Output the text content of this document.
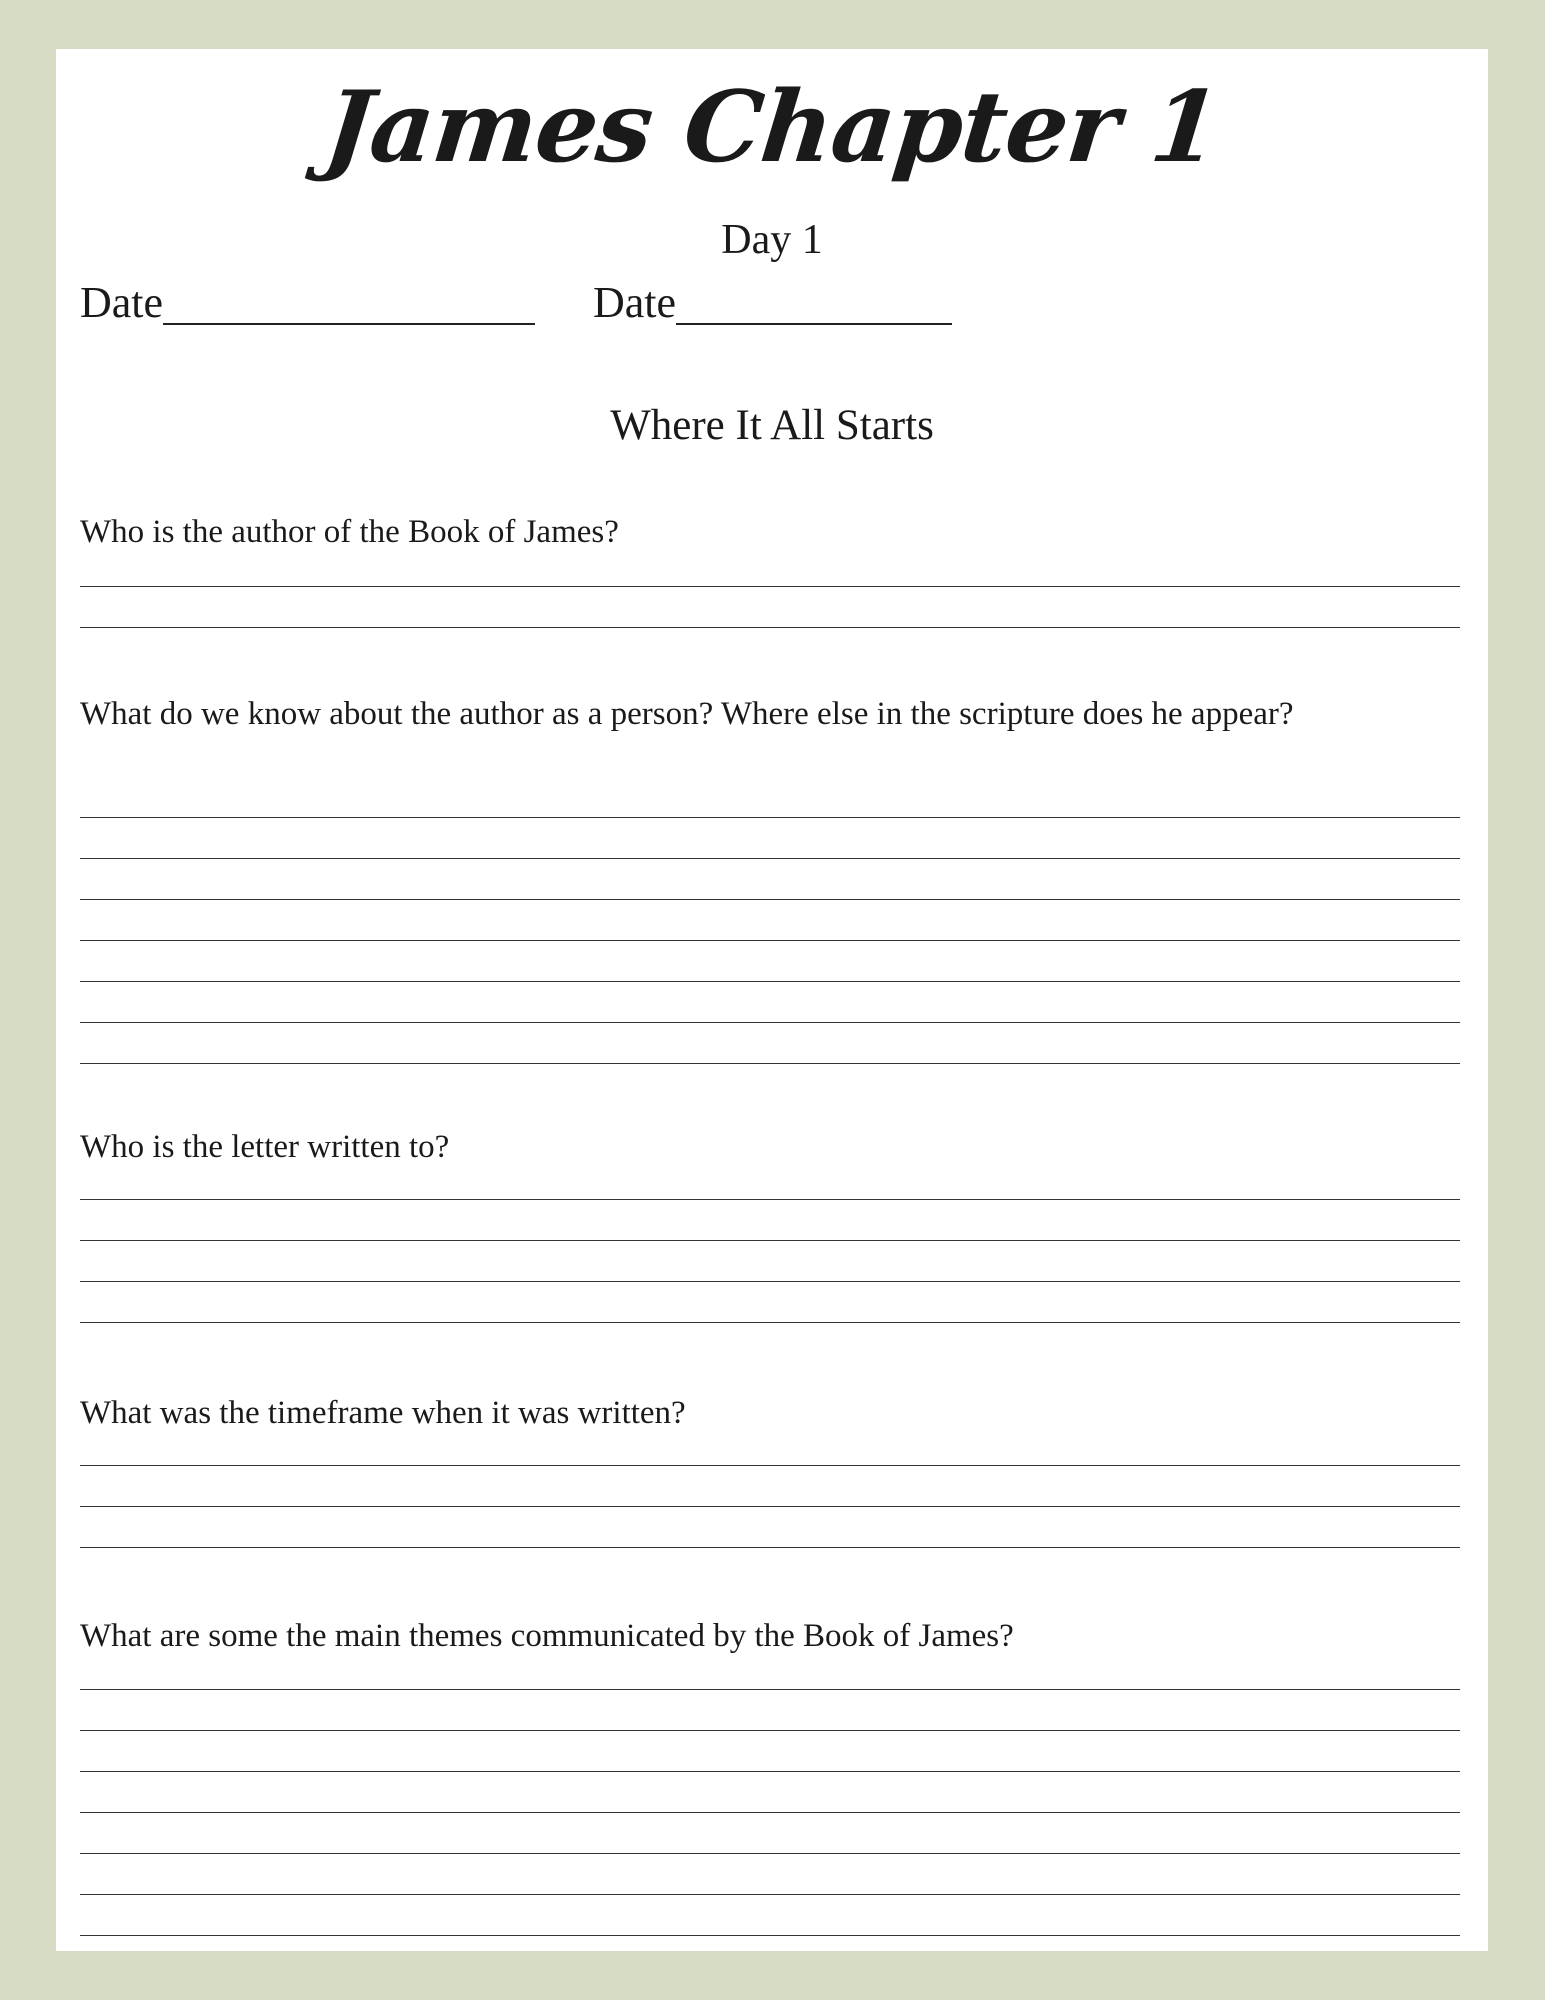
James Chapter 1
Day 1
Date	Date
Where It All Starts
Who is the author of the Book of James?
What do we know about the author as a person? Where else in the scripture does he appear?
Who is the letter written to?
What was the timeframe when it was written?
What are some the main themes communicated by the Book of James?
